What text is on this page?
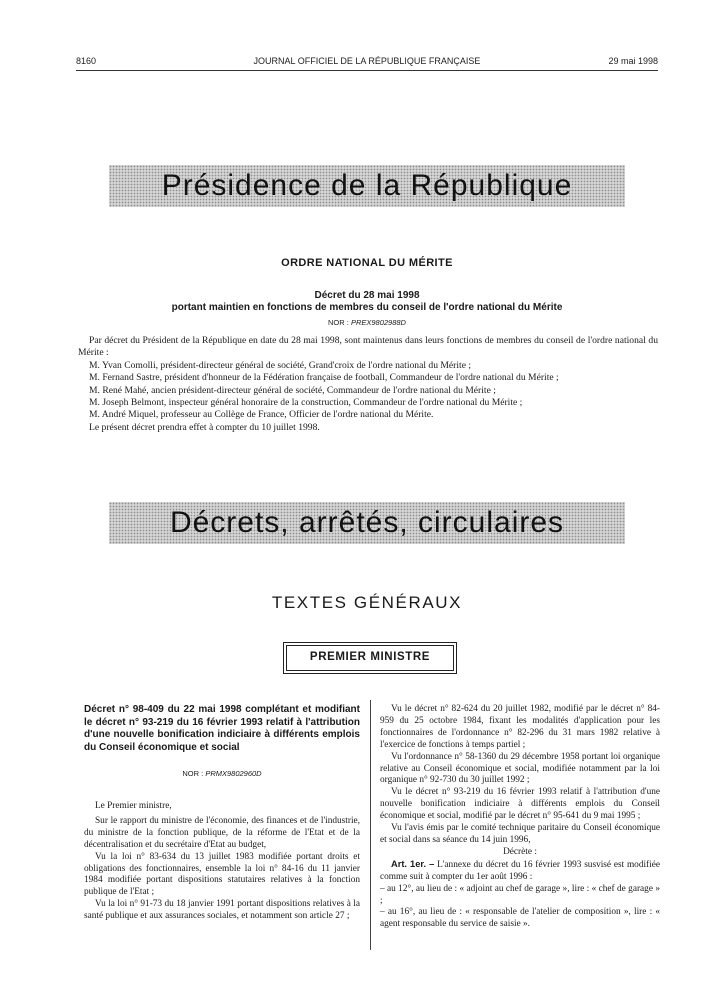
8160	JOURNAL OFFICIEL DE LA RÉPUBLIQUE FRANÇAISE	29 mai 1998
Présidence de la République
ORDRE NATIONAL DU MÉRITE
Décret du 28 mai 1998
portant maintien en fonctions de membres du conseil de l'ordre national du Mérite
NOR : PREX9802988D

Par décret du Président de la République en date du 28 mai 1998, sont maintenus dans leurs fonctions de membres du conseil de l'ordre national du Mérite :

M. Yvan Comolli, président-directeur général de société, Grand'croix de l'ordre national du Mérite ;

M. Fernand Sastre, président d'honneur de la Fédération française de football, Commandeur de l'ordre national du Mérite ;

M. René Mahé, ancien président-directeur général de société, Commandeur de l'ordre national du Mérite ;

M. Joseph Belmont, inspecteur général honoraire de la construction, Commandeur de l'ordre national du Mérite ;

M. André Miquel, professeur au Collège de France, Officier de l'ordre national du Mérite.

Le présent décret prendra effet à compter du 10 juillet 1998.

Décrets, arrêtés, circulaires
TEXTES GÉNÉRAUX
PREMIER MINISTRE
Décret n° 98-409 du 22 mai 1998 complétant et modifiant le décret n° 93-219 du 16 février 1993 relatif à l'attribution d'une nouvelle bonification indiciaire à différents emplois du Conseil économique et social
NOR : PRMX9802960D

Le Premier ministre,

Sur le rapport du ministre de l'économie, des finances et de l'industrie, du ministre de la fonction publique, de la réforme de l'Etat et de la décentralisation et du secrétaire d'Etat au budget,

Vu la loi n° 83-634 du 13 juillet 1983 modifiée portant droits et obligations des fonctionnaires, ensemble la loi n° 84-16 du 11 janvier 1984 modifiée portant dispositions statutaires relatives à la fonction publique de l'Etat ;

Vu la loi n° 91-73 du 18 janvier 1991 portant dispositions relatives à la santé publique et aux assurances sociales, et notamment son article 27 ;

Vu le décret n° 82-624 du 20 juillet 1982, modifié par le décret n° 84-959 du 25 octobre 1984, fixant les modalités d'application pour les fonctionnaires de l'ordonnance n° 82-296 du 31 mars 1982 relative à l'exercice de fonctions à temps partiel ;

Vu l'ordonnance n° 58-1360 du 29 décembre 1958 portant loi organique relative au Conseil économique et social, modifiée notamment par la loi organique n° 92-730 du 30 juillet 1992 ;

Vu le décret n° 93-219 du 16 février 1993 relatif à l'attribution d'une nouvelle bonification indiciaire à différents emplois du Conseil économique et social, modifié par le décret n° 95-641 du 9 mai 1995 ;

Vu l'avis émis par le comité technique paritaire du Conseil économique et social dans sa séance du 14 juin 1996,

Décrète :

Art. 1er. – L'annexe du décret du 16 février 1993 susvisé est modifiée comme suit à compter du 1er août 1996 :

– au 12°, au lieu de : « adjoint au chef de garage », lire : « chef de garage » ;

– au 16°, au lieu de : « responsable de l'atelier de composition », lire : « agent responsable du service de saisie ».
